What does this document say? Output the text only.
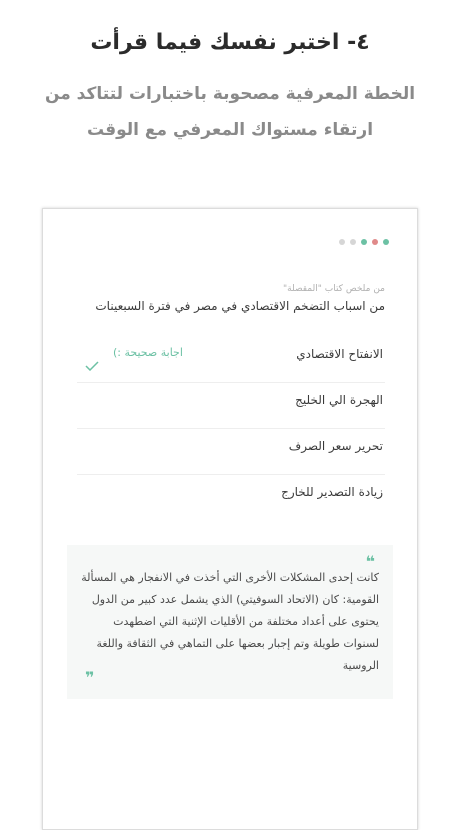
٤- اختبر نفسك فيما قرأت
الخطة المعرفية مصحوبة باختبارات لتتاكد من ارتقاء مستواك المعرفي مع الوقت
من ملخص كتاب "المقصلة"
من اسباب التضخم الاقتصادي في مصر في فترة السبعينات
الانفتاح الاقتصادي
اجابة صحيحة :)
الهجرة الي الخليج
تحرير سعر الصرف
زيادة التصدير للخارج
❝
كانت إحدى المشكلات الأخرى التي أخذت في الانفجار هي المسألة القومية: كان (الاتحاد السوفيتي) الذي يشمل عدد كبير من الدول يحتوى على أعداد مختلفة من الأقليات الإثنية التي اضطهدت لسنوات طويلة وتم إجبار بعضها على التماهي في الثقافة واللغة الروسية
❞
